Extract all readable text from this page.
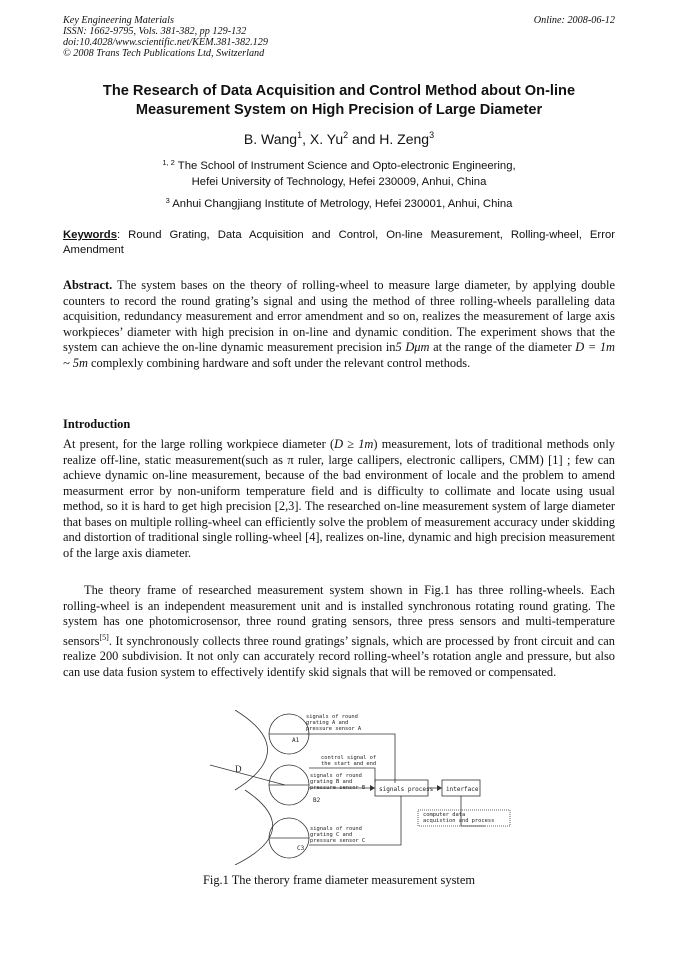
Key Engineering Materials
ISSN: 1662-9795, Vols. 381-382, pp 129-132
doi:10.4028/www.scientific.net/KEM.381-382.129
© 2008 Trans Tech Publications Ltd, Switzerland
Online: 2008-06-12
The Research of Data Acquisition and Control Method about On-line
Measurement System on High Precision of Large Diameter
B. Wang$^1$, X. Yu$^2$ and H. Zeng$^3$
$^{1, 2}$ The School of Instrument Science and Opto-electronic Engineering,
Hefei University of Technology, Hefei 230009, Anhui, China
$^3$ Anhui Changjiang Institute of Metrology, Hefei 230001, Anhui, China
Keywords: Round Grating, Data Acquisition and Control, On-line Measurement, Rolling-wheel, Error Amendment
Abstract. The system bases on the theory of rolling-wheel to measure large diameter, by applying double counters to record the round grating’s signal and using the method of three rolling-wheels paralleling data acquisition, redundancy measurement and error amendment and so on, realizes the measurement of large axis workpieces’ diameter with high precision in on-line and dynamic condition. The experiment shows that the system can achieve the on-line dynamic measurement precision in5 Dμm at the range of the diameter D = 1m ~ 5m complexly combining hardware and soft under the relevant control methods.
Introduction
At present, for the large rolling workpiece diameter (D ≥ 1m) measurement, lots of traditional methods only realize off-line, static measurement(such as π ruler, large callipers, electronic callipers, CMM) [1] ; few can achieve dynamic on-line measurement, because of the bad environment of locale and the problem to amend measurment error by non-uniform temperature field and is difficulty to collimate and locate using usual method, so it is hard to get high precision [2,3]. The researched on-line measurement system of large diameter that bases on multiple rolling-wheel can efficiently solve the problem of measurement accuracy under skidding and distortion of traditional single rolling-wheel [4], realizes on-line, dynamic and high precision measurement of the large axis diameter.
The theory frame of researched measurement system shown in Fig.1 has three rolling-wheels. Each rolling-wheel is an independent measurement unit and is installed synchronous rotating round grating. The system has one photomicrosensor, three round grating sensors, three press sensors and multi-temperature sensors[5]. It synchronously collects three round gratings’ signals, which are processed by front circuit and can realize 200 subdivision. It not only can accurately record rolling-wheel’s rotation angle and pressure, but also can use data fusion system to effectively identify skid signals that will be removed or compensated.
D
A1
B2
C3
signals of round
grating A and
pressure sensor A
control signal of
the start and end
signals of round
grating B and
pressure sensor B signals process interface
computer data
acquistion and process
signals of round
grating C and
pressure sensor C
Fig.1 The therory frame diameter measurement system
